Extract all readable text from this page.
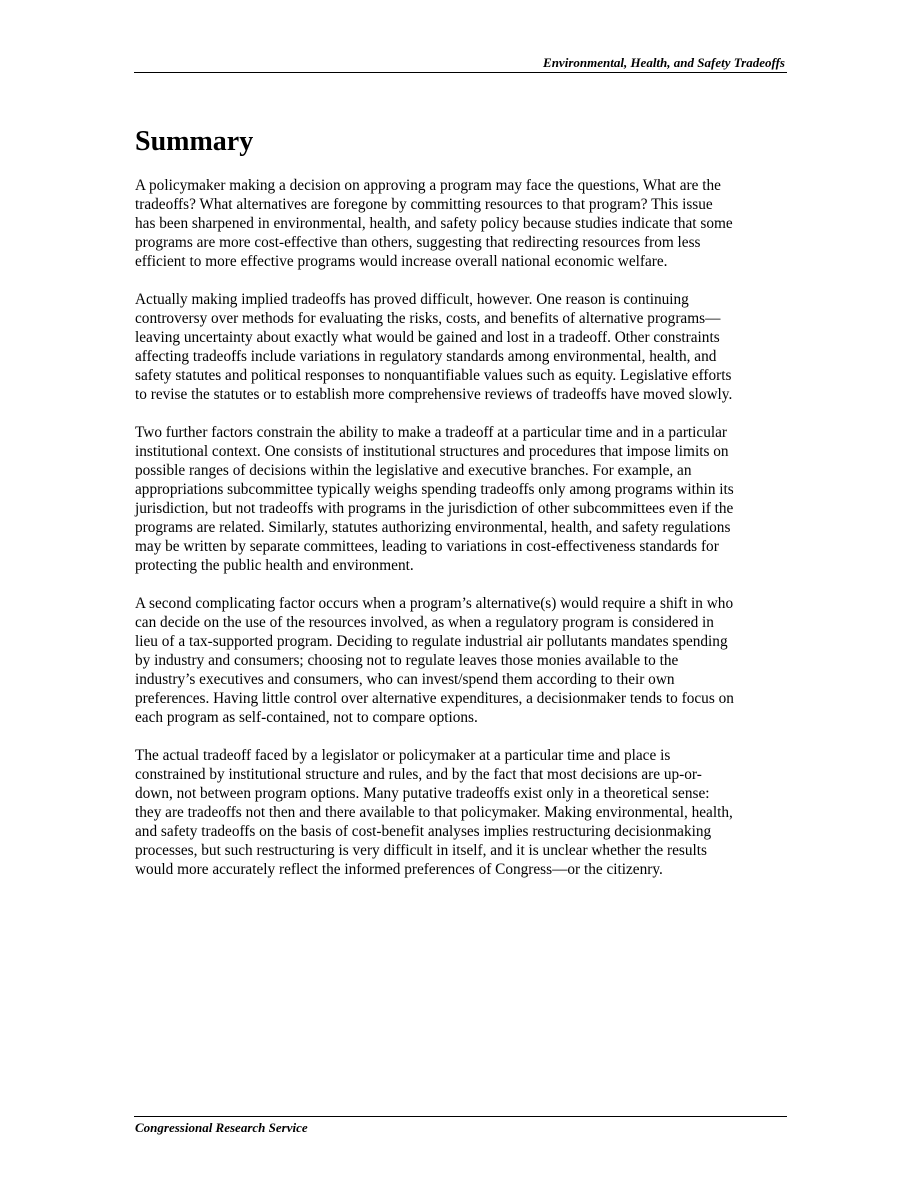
Environmental, Health, and Safety Tradeoffs
Summary

A policymaker making a decision on approving a program may face the questions, What are the
tradeoffs? What alternatives are foregone by committing resources to that program? This issue
has been sharpened in environmental, health, and safety policy because studies indicate that some
programs are more cost-effective than others, suggesting that redirecting resources from less
efficient to more effective programs would increase overall national economic welfare.

Actually making implied tradeoffs has proved difficult, however. One reason is continuing
controversy over methods for evaluating the risks, costs, and benefits of alternative programs—
leaving uncertainty about exactly what would be gained and lost in a tradeoff. Other constraints
affecting tradeoffs include variations in regulatory standards among environmental, health, and
safety statutes and political responses to nonquantifiable values such as equity. Legislative efforts
to revise the statutes or to establish more comprehensive reviews of tradeoffs have moved slowly.

Two further factors constrain the ability to make a tradeoff at a particular time and in a particular
institutional context. One consists of institutional structures and procedures that impose limits on
possible ranges of decisions within the legislative and executive branches. For example, an
appropriations subcommittee typically weighs spending tradeoffs only among programs within its
jurisdiction, but not tradeoffs with programs in the jurisdiction of other subcommittees even if the
programs are related. Similarly, statutes authorizing environmental, health, and safety regulations
may be written by separate committees, leading to variations in cost-effectiveness standards for
protecting the public health and environment.

A second complicating factor occurs when a program’s alternative(s) would require a shift in who
can decide on the use of the resources involved, as when a regulatory program is considered in
lieu of a tax-supported program. Deciding to regulate industrial air pollutants mandates spending
by industry and consumers; choosing not to regulate leaves those monies available to the
industry’s executives and consumers, who can invest/spend them according to their own
preferences. Having little control over alternative expenditures, a decisionmaker tends to focus on
each program as self-contained, not to compare options.

The actual tradeoff faced by a legislator or policymaker at a particular time and place is
constrained by institutional structure and rules, and by the fact that most decisions are up-or-
down, not between program options. Many putative tradeoffs exist only in a theoretical sense:
they are tradeoffs not then and there available to that policymaker. Making environmental, health,
and safety tradeoffs on the basis of cost-benefit analyses implies restructuring decisionmaking
processes, but such restructuring is very difficult in itself, and it is unclear whether the results
would more accurately reflect the informed preferences of Congress—or the citizenry.

Congressional Research Service
